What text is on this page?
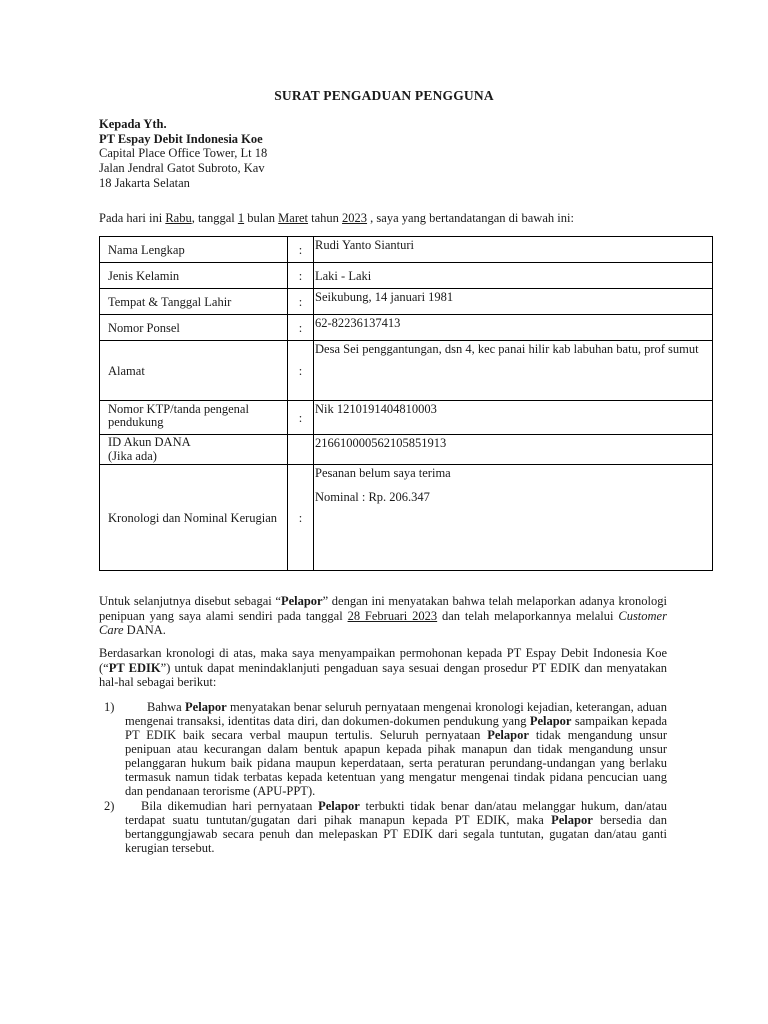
SURAT PENGADUAN PENGGUNA
Kepada Yth.
PT Espay Debit Indonesia Koe
Capital Place Office Tower, Lt 18
Jalan Jendral Gatot Subroto, Kav
18 Jakarta Selatan
Pada hari ini Rabu, tanggal 1 bulan Maret tahun 2023 , saya yang bertandatangan di bawah ini:
Nama Lengkap	:	Rudi Yanto Sianturi
Jenis Kelamin	:	Laki - Laki
Tempat & Tanggal Lahir	:	Seikubung, 14 januari 1981
Nomor Ponsel	:	62-82236137413
Alamat	:	Desa Sei penggantungan, dsn 4, kec panai hilir kab labuhan batu, prof sumut
Nomor KTP/tanda pengenal pendukung	:	Nik 1210191404810003

ID Akun DANA
(Jika ada)		216610000562105851913
Kronologi dan Nominal Kerugian	:	Pesanan belum saya terima
Nominal : Rp. 206.347
Untuk selanjutnya disebut sebagai “Pelapor” dengan ini menyatakan bahwa telah melaporkan adanya kronologi penipuan yang saya alami sendiri pada tanggal 28 Februari 2023 dan telah melaporkannya melalui Customer Care DANA.
Berdasarkan kronologi di atas, maka saya menyampaikan permohonan kepada PT Espay Debit Indonesia Koe (“PT EDIK”) untuk dapat menindaklanjuti pengaduan saya sesuai dengan prosedur PT EDIK dan menyatakan hal-hal sebagai berikut:
1)	Bahwa Pelapor menyatakan benar seluruh pernyataan mengenai kronologi kejadian, keterangan, aduan mengenai transaksi, identitas data diri, dan dokumen-dokumen pendukung yang Pelapor sampaikan kepada PT EDIK baik secara verbal maupun tertulis. Seluruh pernyataan Pelapor tidak mengandung unsur penipuan atau kecurangan dalam bentuk apapun kepada pihak manapun dan tidak mengandung unsur pelanggaran hukum baik pidana maupun keperdataan, serta peraturan perundang-undangan yang berlaku termasuk namun tidak terbatas kepada ketentuan yang mengatur mengenai tindak pidana pencucian uang dan pendanaan terorisme (APU-PPT).
2)	Bila dikemudian hari pernyataan Pelapor terbukti tidak benar dan/atau melanggar hukum, dan/atau terdapat suatu tuntutan/gugatan dari pihak manapun kepada PT EDIK, maka Pelapor bersedia dan bertanggungjawab secara penuh dan melepaskan PT EDIK dari segala tuntutan, gugatan dan/atau ganti kerugian tersebut.
